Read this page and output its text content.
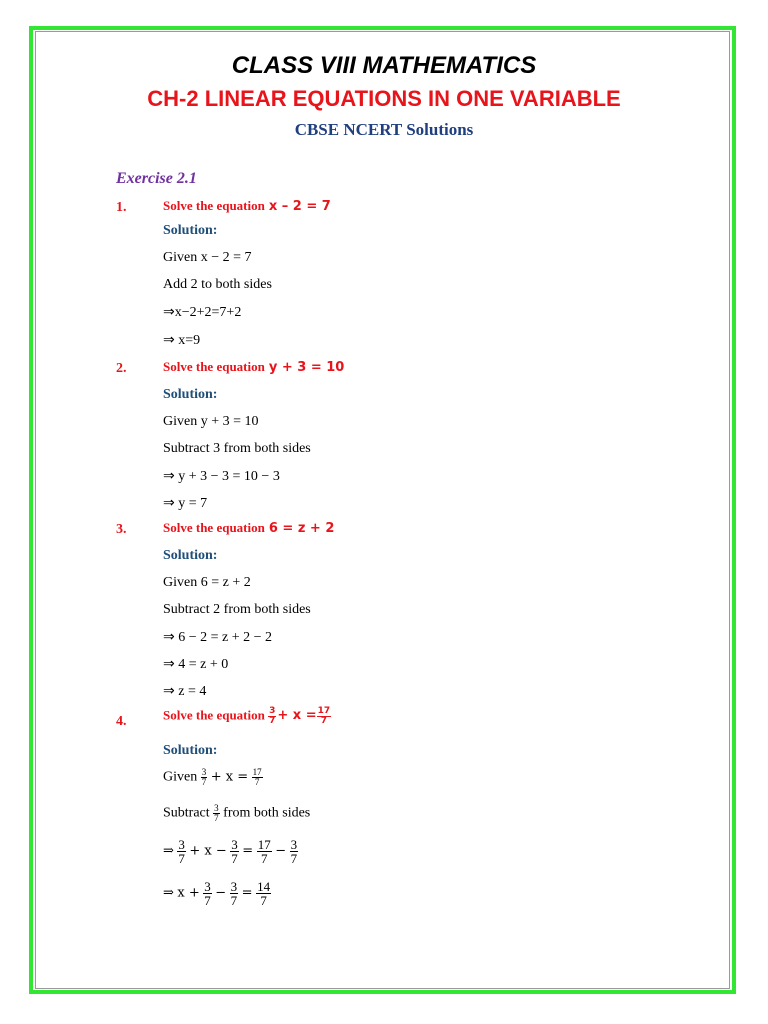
CLASS VIII MATHEMATICS
CH-2 LINEAR EQUATIONS IN ONE VARIABLE
CBSE NCERT Solutions
Exercise 2.1
1.	Solve the equation x – 2 = 7
Solution:
Given x − 2 = 7
Add 2 to both sides
⇒x−2+2=7+2
⇒ x=9
2.	Solve the equation y + 3 = 10
Solution:
Given y + 3 = 10
Subtract 3 from both sides
⇒ y + 3 − 3 = 10 − 3
⇒ y = 7
3.	Solve the equation 6 = z + 2
Solution:
Given 6 = z + 2
Subtract 2 from both sides
⇒ 6 − 2 = z + 2 − 2
⇒ 4 = z + 0
⇒ z = 4
4.	Solve the equation $\frac{3}{7} + x = \frac{17}{7}$
Solution:
Given $\frac{3}{7} + x = \frac{17}{7}$
Subtract $\frac{3}{7}$ from both sides
⇒ $\frac{3}{7} + x - \frac{3}{7} = \frac{17}{7} - \frac{3}{7}$
⇒ $x + \frac{3}{7} - \frac{3}{7} = \frac{14}{7}$
